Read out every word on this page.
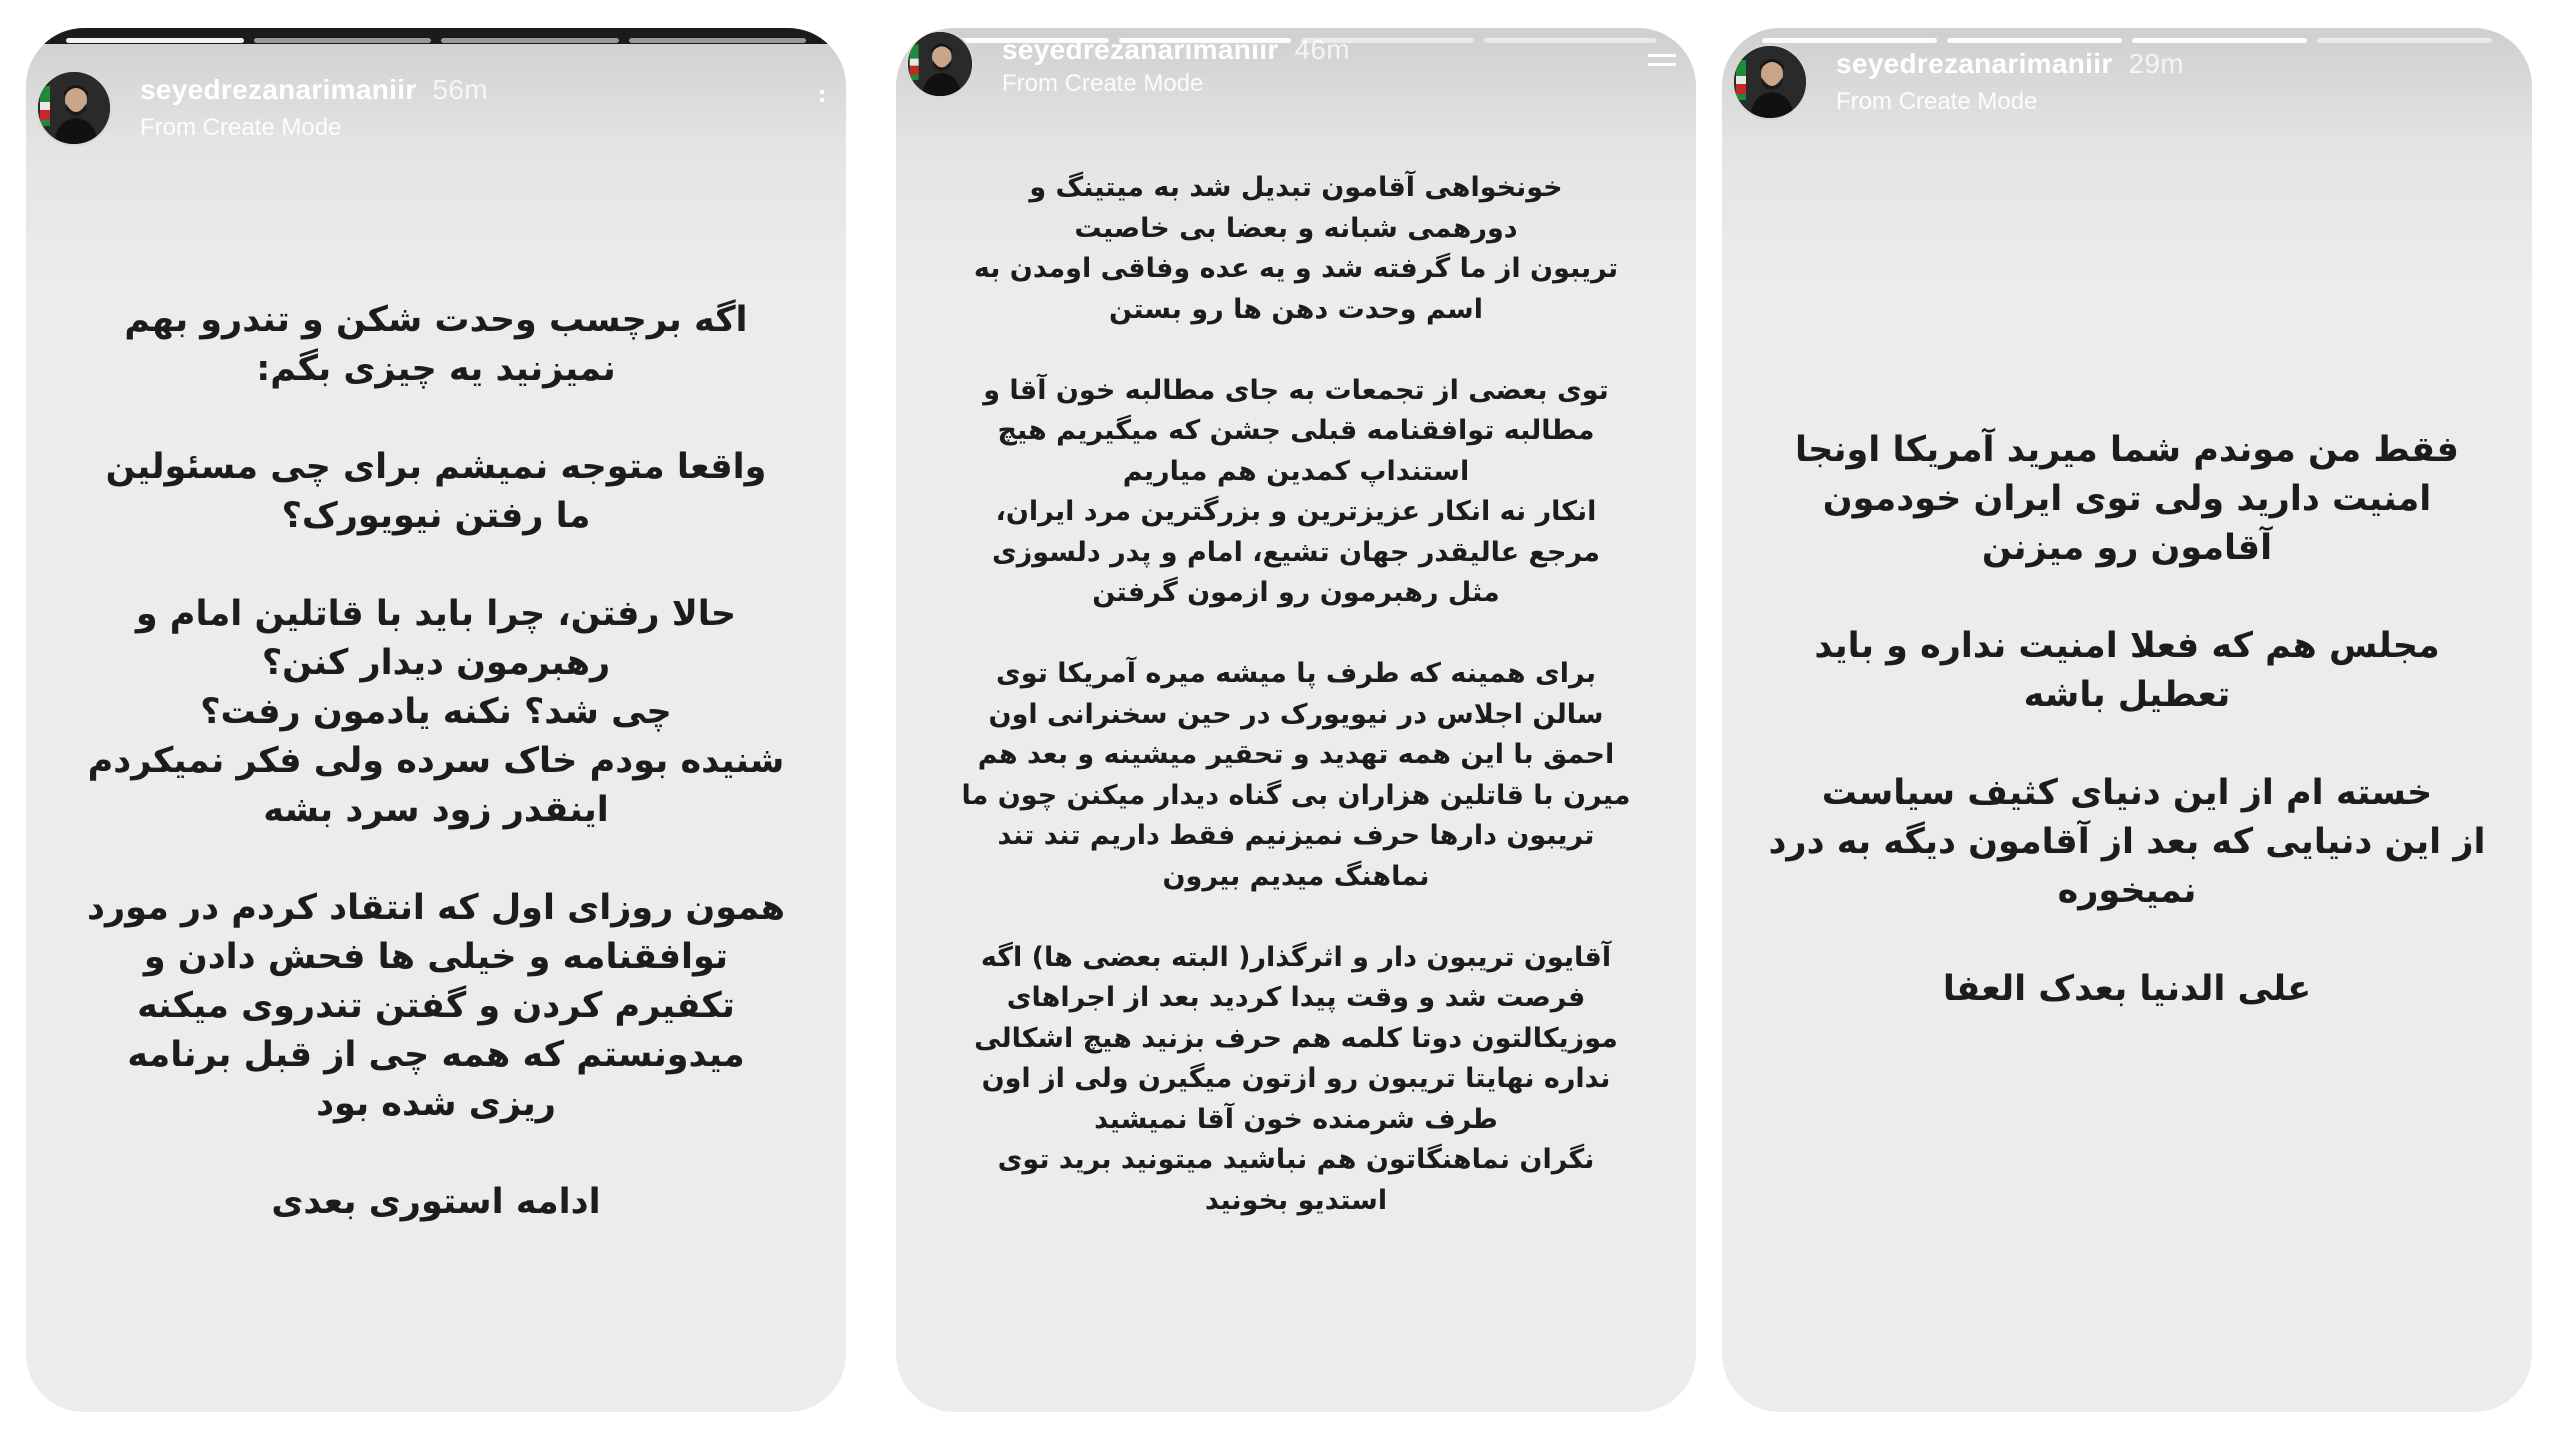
seyedrezanarimaniir 56m
From Create Mode
اگه برچسب وحدت شکن و تندرو بهم
نمیزنید یه چیزی بگم:

واقعا متوجه نمیشم برای چی مسئولین
ما رفتن نیویورک؟

حالا رفتن، چرا باید با قاتلین امام و
رهبرمون دیدار کنن؟
چی شد؟ نکنه یادمون رفت؟
شنیده بودم خاک سرده ولی فکر نمیکردم
اینقدر زود سرد بشه

همون روزای اول که انتقاد کردم در مورد
توافقنامه و خیلی ها فحش دادن و
تکفیرم کردن و گفتن تندروی میکنه
میدونستم که همه چی از قبل برنامه
ریزی شده بود

ادامه استوری بعدی
seyedrezanarimaniir 46m
From Create Mode
خونخواهی آقامون تبدیل شد به میتینگ و
دورهمی شبانه و بعضا بی خاصیت
تریبون از ما گرفته شد و یه عده وفاقی اومدن به
اسم وحدت دهن ها رو بستن

توی بعضی از تجمعات به جای مطالبه خون آقا و
مطالبه توافقنامه قبلی جشن که میگیریم هیچ
استنداپ کمدین هم میاریم
انکار نه انکار عزیزترین و بزرگترین مرد ایران،
مرجع عالیقدر جهان تشیع، امام و پدر دلسوزی
مثل رهبرمون رو ازمون گرفتن

برای همینه که طرف پا میشه میره آمریکا توی
سالن اجلاس در نیویورک در حین سخنرانی اون
احمق با این همه تهدید و تحقیر میشینه و بعد هم
میرن با قاتلین هزاران بی گناه دیدار میکنن چون ما
تریبون دارها حرف نمیزنیم فقط داریم تند تند
نماهنگ میدیم بیرون

آقایون تریبون دار و اثرگذار( البته بعضی ها) اگه
فرصت شد و وقت پیدا کردید بعد از اجراهای
موزیکالتون دوتا کلمه هم حرف بزنید هیچ اشکالی
نداره نهایتا تریبون رو ازتون میگیرن ولی از اون
طرف شرمنده خون آقا نمیشید
نگران نماهنگاتون هم نباشید میتونید برید توی
استدیو بخونید
seyedrezanarimaniir 29m
From Create Mode
فقط من موندم شما میرید آمریکا اونجا
امنیت دارید ولی توی ایران خودمون
آقامون رو میزنن

مجلس هم که فعلا امنیت نداره و باید
تعطیل باشه

خسته ام از این دنیای کثیف سیاست
از این دنیایی که بعد از آقامون دیگه به درد
نمیخوره

علی الدنیا بعدک العفا
